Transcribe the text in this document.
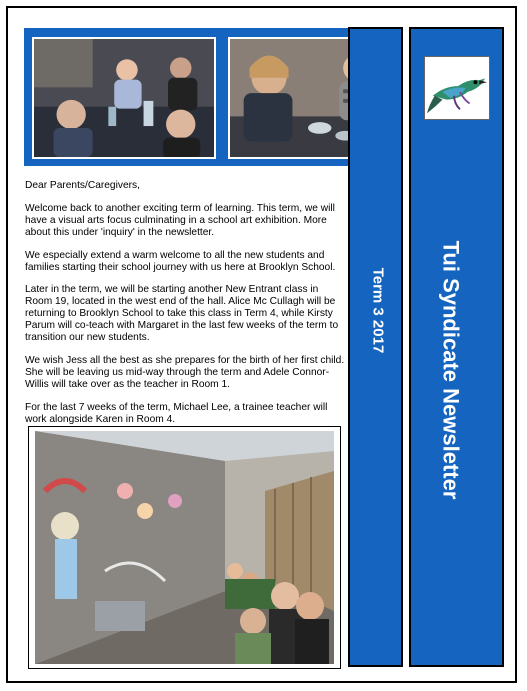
Term 3 2017 Tui Syndicate Newsletter

Dear Parents/Caregivers,

Welcome back to another exciting term of learning. This term, we will have a visual arts focus culminating in a school art exhibition. More about this under 'inquiry' in the newsletter.

We especially extend a warm welcome to all the new students and families starting their school journey with us here at Brooklyn School.

Later in the term, we will be starting another New Entrant class in Room 19, located in the west end of the hall. Alice Mc Cullagh will be returning to Brooklyn School to take this class in Term 4, while Kirsty Parum will co-teach with Margaret in the last few weeks of the term to transition our new students.

We wish Jess all the best as she prepares for the birth of her first child. She will be leaving us mid-way through the term and Adele Connor-Willis will take over as the teacher in Room 1.

For the last 7 weeks of the term, Michael Lee, a trainee teacher will work alongside Karen in Room 4.
